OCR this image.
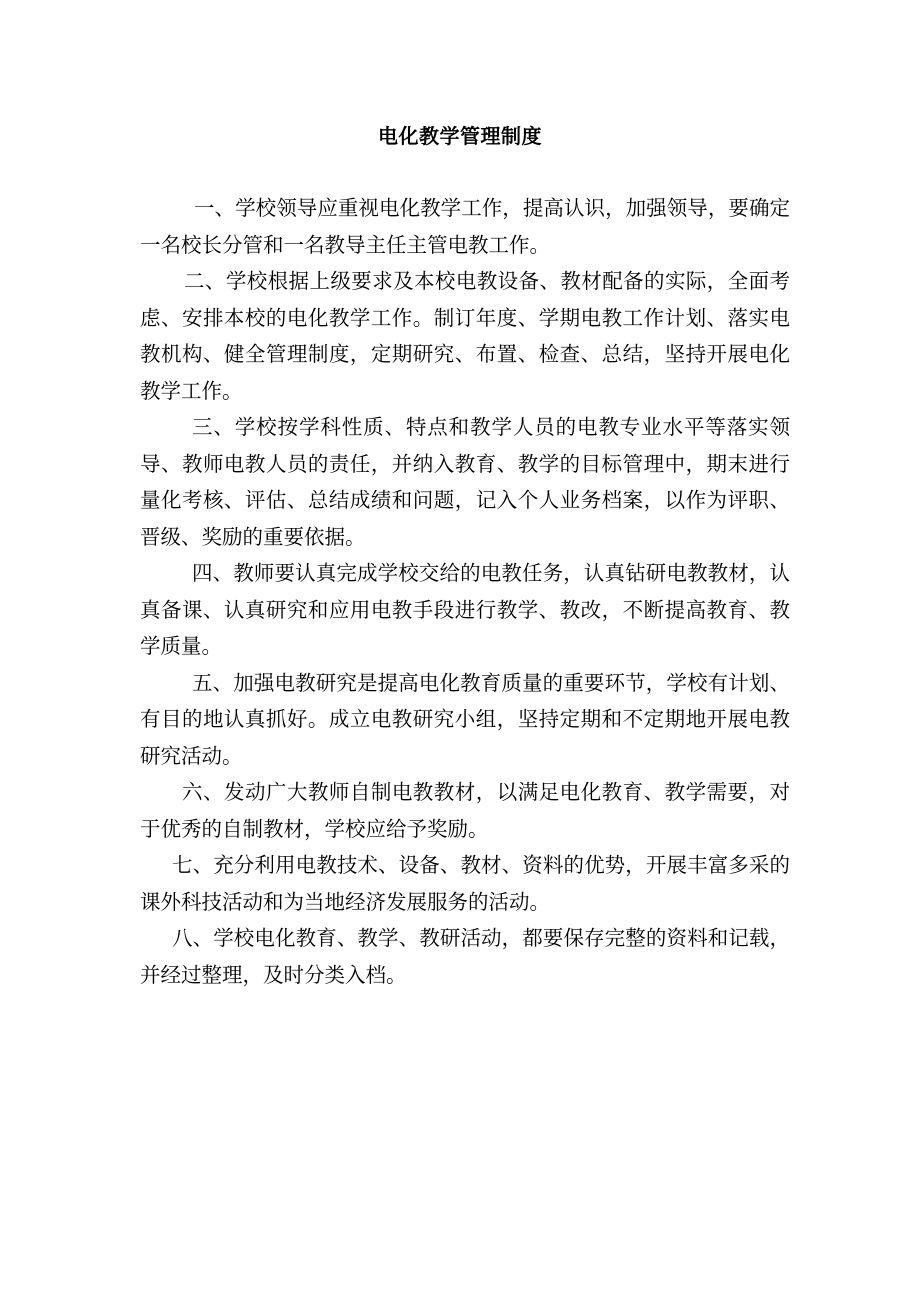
电化教学管理制度

一、学校领导应重视电化教学工作，提高认识，加强领导，要确定一名校长分管和一名教导主任主管电教工作。

二、学校根据上级要求及本校电教设备、教材配备的实际，全面考虑、安排本校的电化教学工作。制订年度、学期电教工作计划、落实电教机构、健全管理制度，定期研究、布置、检查、总结，坚持开展电化教学工作。

三、学校按学科性质、特点和教学人员的电教专业水平等落实领导、教师电教人员的责任，并纳入教育、教学的目标管理中，期末进行量化考核、评估、总结成绩和问题，记入个人业务档案，以作为评职、晋级、奖励的重要依据。

四、教师要认真完成学校交给的电教任务，认真钻研电教教材，认真备课、认真研究和应用电教手段进行教学、教改，不断提高教育、教学质量。

五、加强电教研究是提高电化教育质量的重要环节，学校有计划、有目的地认真抓好。成立电教研究小组，坚持定期和不定期地开展电教研究活动。

六、发动广大教师自制电教教材，以满足电化教育、教学需要，对于优秀的自制教材，学校应给予奖励。

七、充分利用电教技术、设备、教材、资料的优势，开展丰富多采的课外科技活动和为当地经济发展服务的活动。

八、学校电化教育、教学、教研活动，都要保存完整的资料和记载，并经过整理，及时分类入档。
